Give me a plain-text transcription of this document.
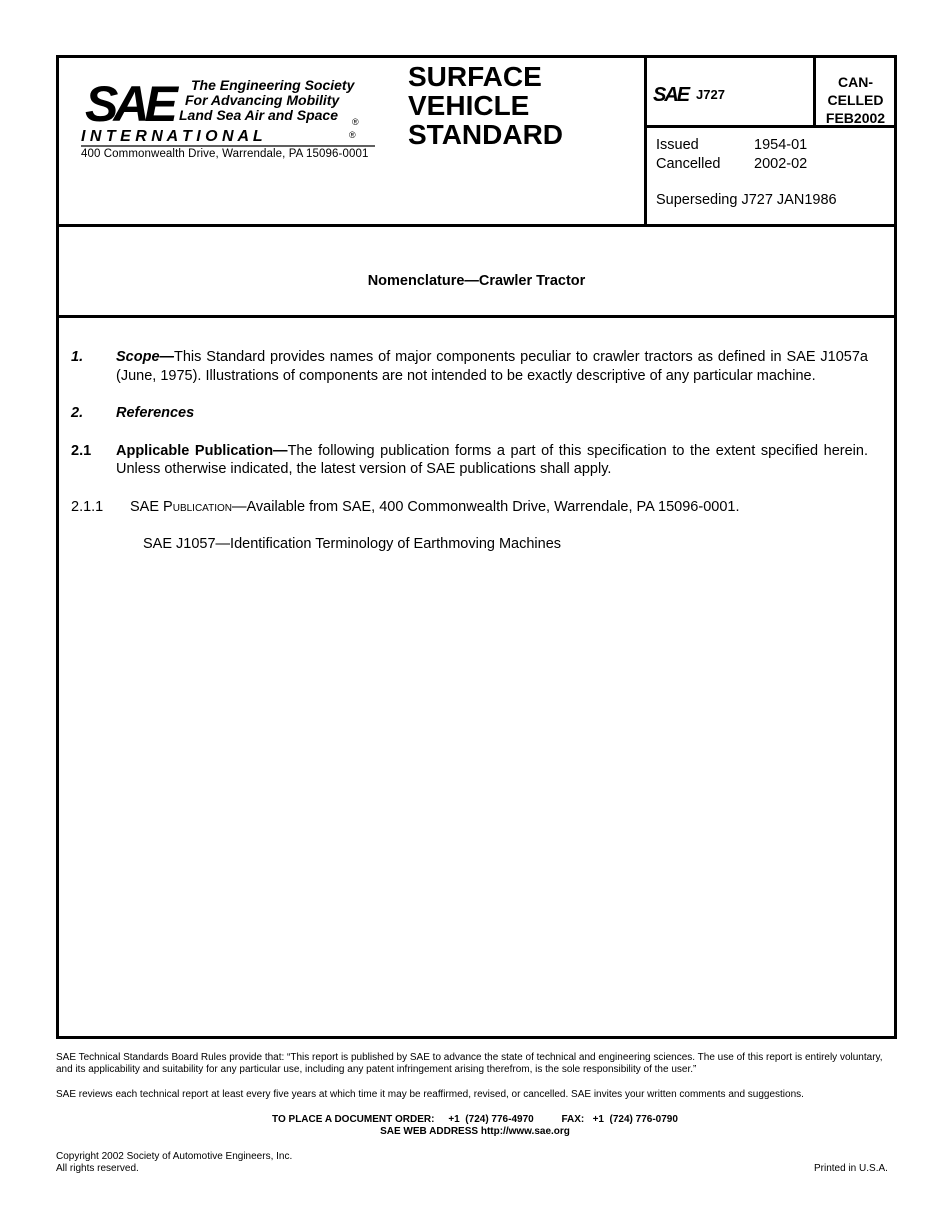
SAE	The Engineering Society
For Advancing Mobility
Land Sea Air and Space ®
I N T E R N A T I O N A L	®
400 Commonwealth Drive, Warrendale, PA 15096-0001
SURFACE
VEHICLE
STANDARD
SAE J727
CAN-
CELLED
FEB2002
Issued	1954-01
Cancelled	2002-02
Superseding J727 JAN1986
Nomenclature—Crawler Tractor
1.	Scope—This Standard provides names of major components peculiar to crawler tractors as defined in SAE J1057a (June, 1975). Illustrations of components are not intended to be exactly descriptive of any particular machine.
2.	References
2.1	Applicable Publication—The following publication forms a part of this specification to the extent specified herein. Unless otherwise indicated, the latest version of SAE publications shall apply.
2.1.1	SAE Publication—Available from SAE, 400 Commonwealth Drive, Warrendale, PA 15096-0001.
SAE J1057—Identification Terminology of Earthmoving Machines
SAE Technical Standards Board Rules provide that: “This report is published by SAE to advance the state of technical and engineering sciences. The use of this report is entirely voluntary, and its applicability and suitability for any particular use, including any patent infringement arising therefrom, is the sole responsibility of the user.”
SAE reviews each technical report at least every five years at which time it may be reaffirmed, revised, or cancelled. SAE invites your written comments and suggestions.
TO PLACE A DOCUMENT ORDER:     +1  (724) 776-4970          FAX:   +1  (724) 776-0790
SAE WEB ADDRESS http://www.sae.org
Copyright 2002 Society of Automotive Engineers, Inc.
All rights reserved.	Printed in U.S.A.
